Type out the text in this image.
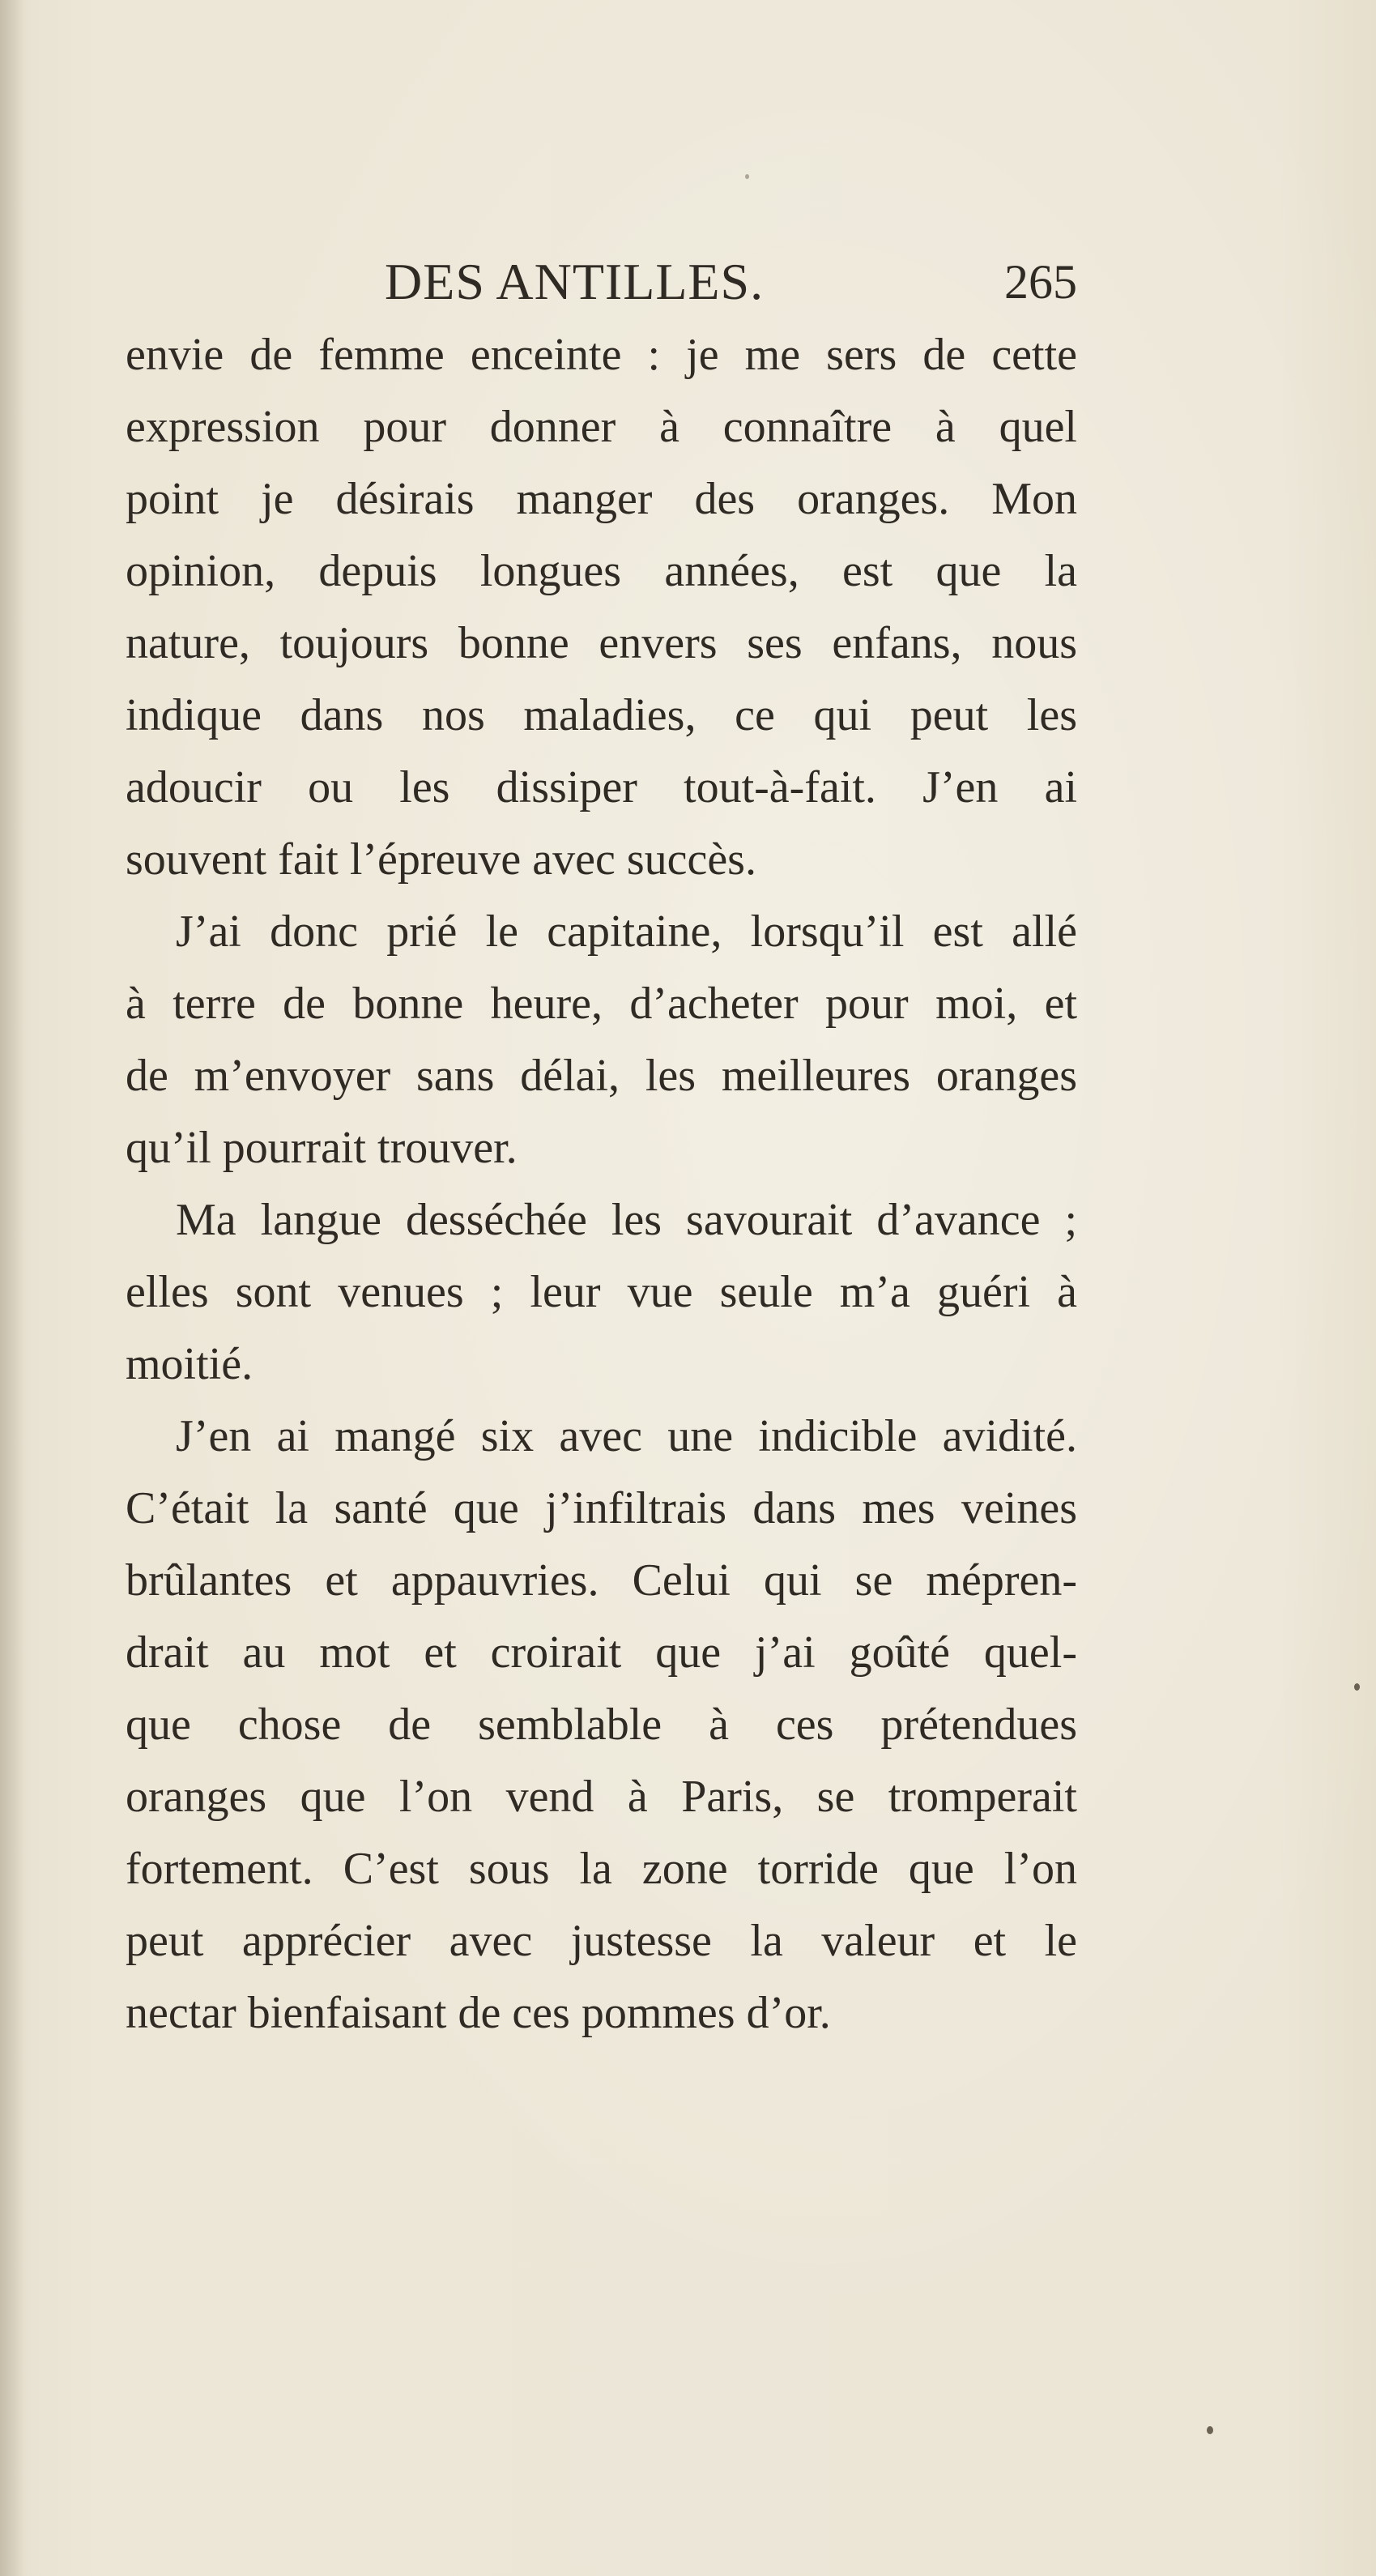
DES ANTILLES.	265
envie de femme enceinte : je me sers de cette
expression pour donner à connaître à quel
point je désirais manger des oranges. Mon
opinion, depuis longues années, est que la
nature, toujours bonne envers ses enfans, nous
indique dans nos maladies, ce qui peut les
adoucir ou les dissiper tout-à-fait. J’en ai
souvent fait l’épreuve avec succès.
J’ai donc prié le capitaine, lorsqu’il est allé
à terre de bonne heure, d’acheter pour moi, et
de m’envoyer sans délai, les meilleures oranges
qu’il pourrait trouver.
Ma langue desséchée les savourait d’avance ;
elles sont venues ; leur vue seule m’a guéri à
moitié.
J’en ai mangé six avec une indicible avidité.
C’était la santé que j’infiltrais dans mes veines
brûlantes et appauvries. Celui qui se mépren-
drait au mot et croirait que j’ai goûté quel-
que chose de semblable à ces prétendues
oranges que l’on vend à Paris, se tromperait
fortement. C’est sous la zone torride que l’on
peut apprécier avec justesse la valeur et le
nectar bienfaisant de ces pommes d’or.
